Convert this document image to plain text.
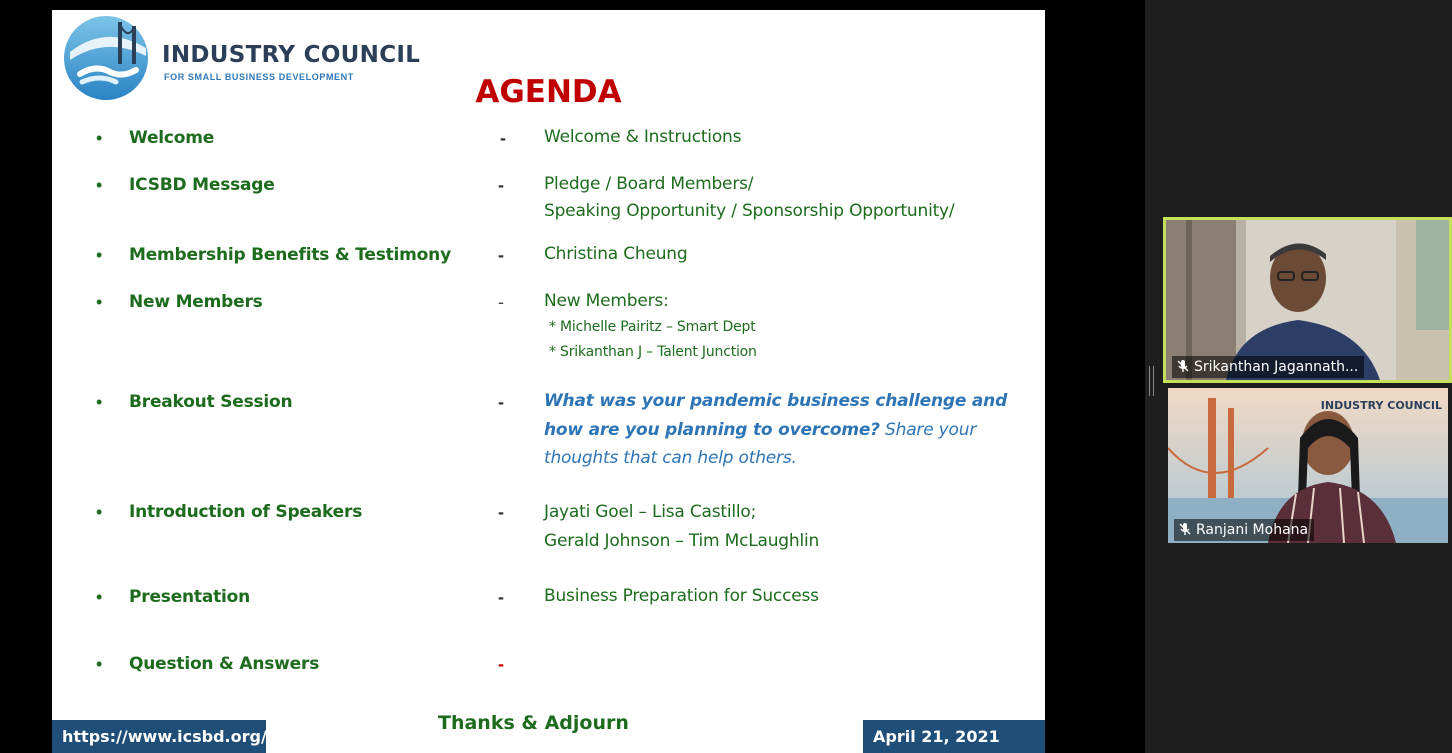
INDUSTRY COUNCIL
FOR SMALL BUSINESS DEVELOPMENT	AGENDA
• Welcome	- Welcome & Instructions
• ICSBD Message	- Pledge / Board Members/
Speaking Opportunity / Sponsorship Opportunity/
• Membership Benefits & Testimony	- Christina Cheung
• New Members	- New Members:
* Michelle Pairitz – Smart Dept
* Srikanthan J – Talent Junction
• Breakout Session	- What was your pandemic business challenge and
how are you planning to overcome? Share your
thoughts that can help others.
• Introduction of Speakers	- Jayati Goel – Lisa Castillo;
Gerald Johnson – Tim McLaughlin
• Presentation	- Business Preparation for Success
• Question & Answers	-
https://www.icsbd.org/
Thanks & Adjourn
April 21, 2021
Srikanthan Jagannath...
INDUSTRY COUNCIL
Ranjani Mohana
